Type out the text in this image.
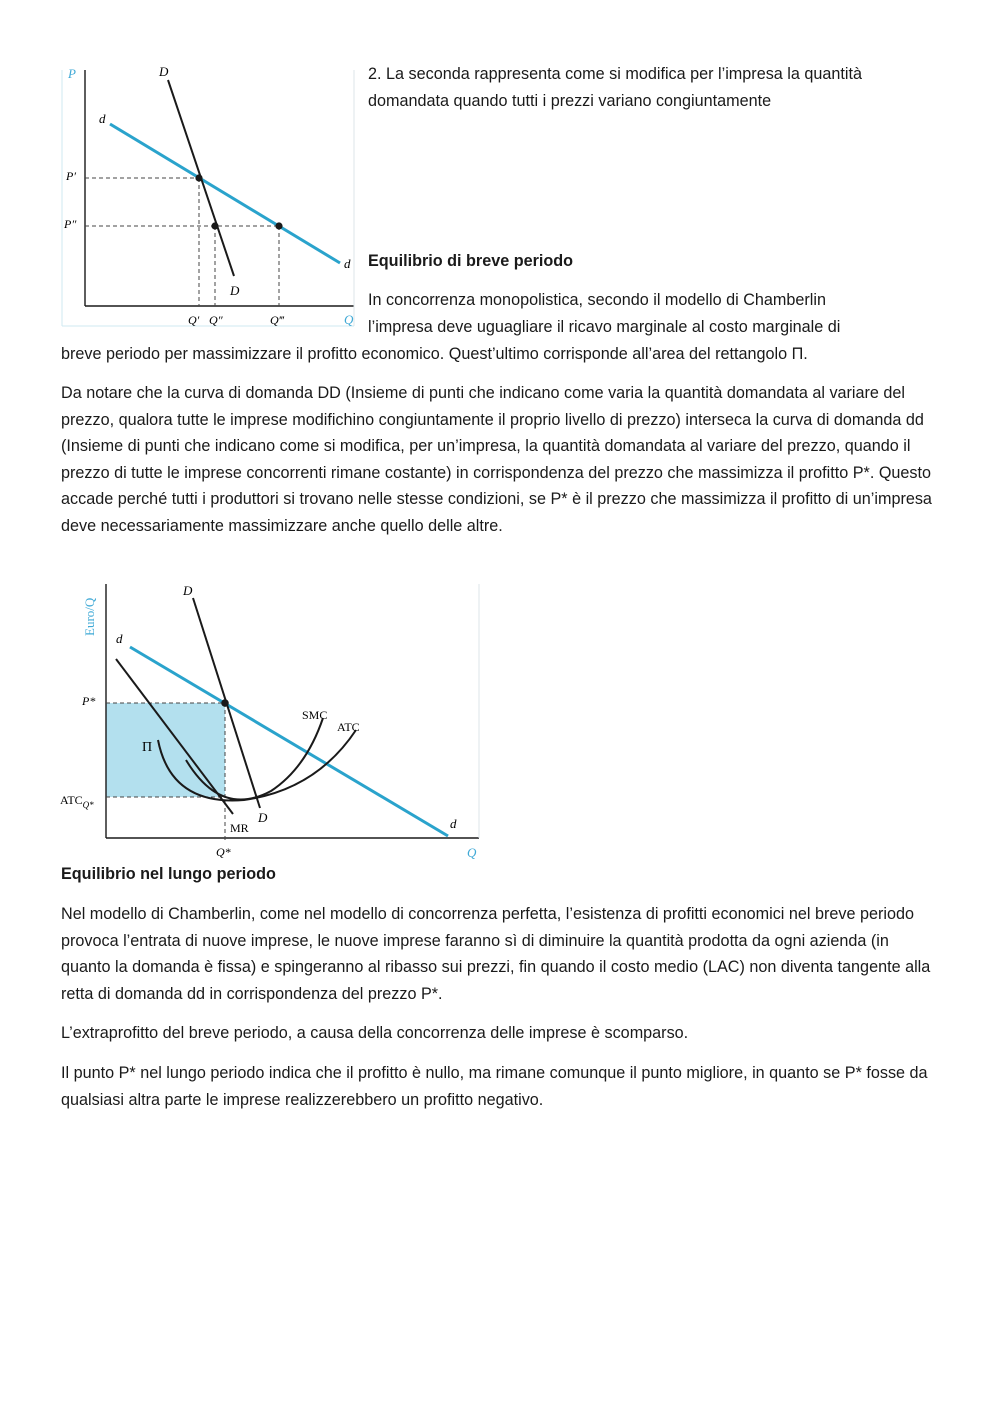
P
Q
D
D
d
d
P′
P″
Q′ Q″	Q‴

2. La seconda rappresenta come si modifica per l’impresa la quantità domandata quando tutti i prezzi variano congiuntamente

Equilibrio di breve periodo

In concorrenza monopolistica, secondo il modello di Chamberlin

l’impresa deve uguagliare il ricavo marginale al costo marginale di

breve periodo per massimizzare il profitto economico. Quest’ultimo corrisponde all’area del rettangolo Π.

Da notare che la curva di domanda DD (Insieme di punti che indicano come varia la quantità domandata al variare del prezzo, qualora tutte le imprese modifichino congiuntamente il proprio livello di prezzo) interseca la curva di domanda dd (Insieme di punti che indicano come si modifica, per un’impresa, la quantità domandata al variare del prezzo, quando il prezzo di tutte le imprese concorrenti rimane costante) in corrispondenza del prezzo che massimizza il profitto P*. Questo accade perché tutti i produttori si trovano nelle stesse condizioni, se P* è il prezzo che massimizza il profitto di un’impresa deve necessariamente massimizzare anche quello delle altre.

Euro/Q
Q
D
D
d
d
P*
$ATC_{Q*}$
Q*
SMC
ATC
MR
Π

Equilibrio nel lungo periodo

Nel modello di Chamberlin, come nel modello di concorrenza perfetta, l’esistenza di profitti economici nel breve periodo provoca l’entrata di nuove imprese, le nuove imprese faranno sì di diminuire la quantità prodotta da ogni azienda (in quanto la domanda è fissa) e spingeranno al ribasso sui prezzi, fin quando il costo medio (LAC) non diventa tangente alla retta di domanda dd in corrispondenza del prezzo P*.

L’extraprofitto del breve periodo, a causa della concorrenza delle imprese è scomparso.

Il punto P* nel lungo periodo indica che il profitto è nullo, ma rimane comunque il punto migliore, in quanto se P* fosse da qualsiasi altra parte le imprese realizzerebbero un profitto negativo.
